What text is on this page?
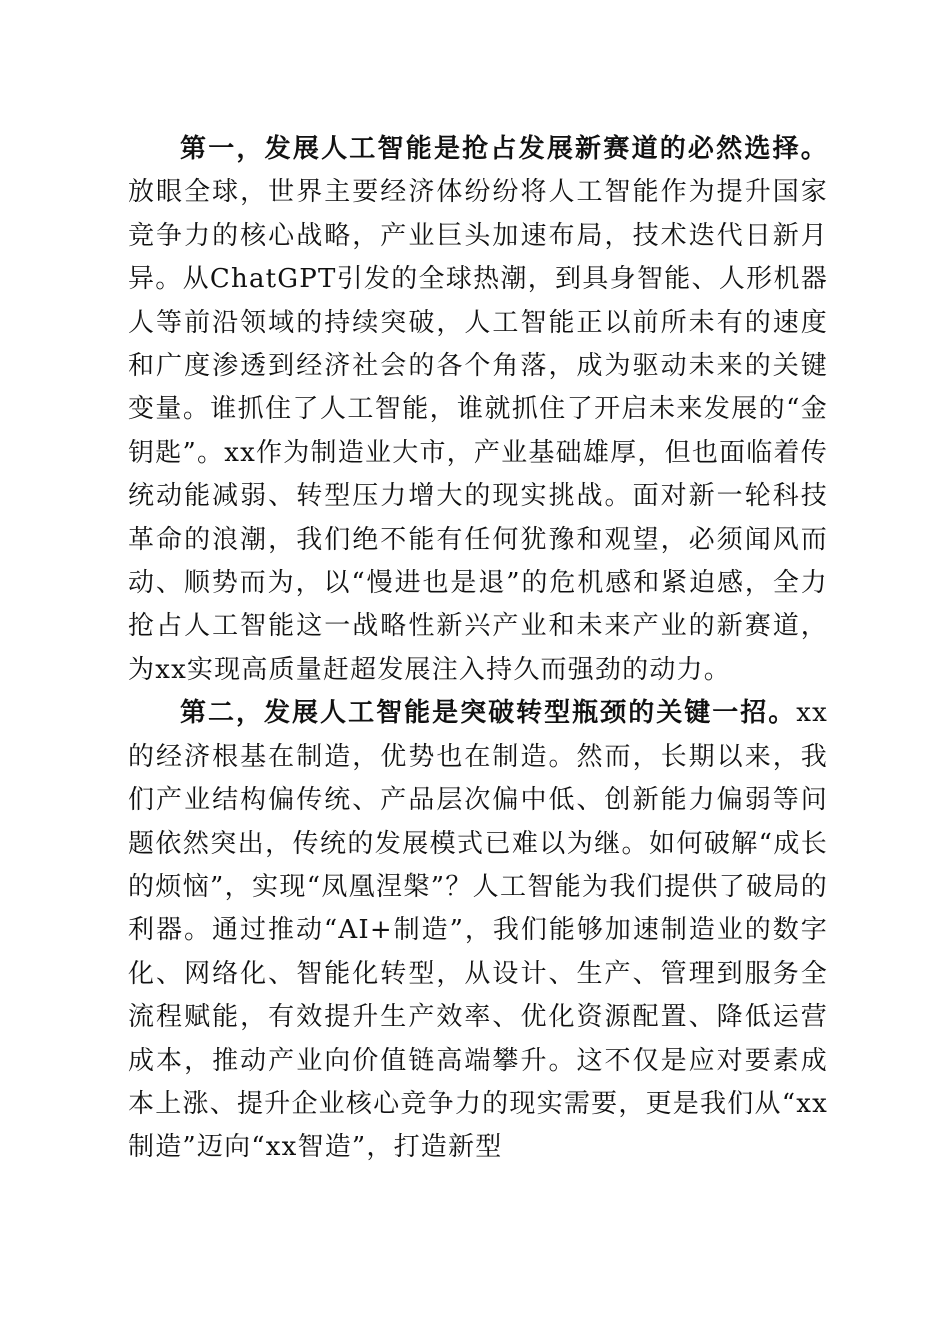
第一，发展人工智能是抢占发展新赛道的必然选择。放眼全球，世界主要经济体纷纷将人工智能作为提升国家竞争力的核心战略，产业巨头加速布局，技术迭代日新月异。从ChatGPT引发的全球热潮，到具身智能、人形机器人等前沿领域的持续突破，人工智能正以前所未有的速度和广度渗透到经济社会的各个角落，成为驱动未来的关键变量。谁抓住了人工智能，谁就抓住了开启未来发展的“金钥匙”。xx作为制造业大市，产业基础雄厚，但也面临着传统动能减弱、转型压力增大的现实挑战。面对新一轮科技革命的浪潮，我们绝不能有任何犹豫和观望，必须闻风而动、顺势而为，以“慢进也是退”的危机感和紧迫感，全力抢占人工智能这一战略性新兴产业和未来产业的新赛道，为xx实现高质量赶超发展注入持久而强劲的动力。

第二，发展人工智能是突破转型瓶颈的关键一招。xx的经济根基在制造，优势也在制造。然而，长期以来，我们产业结构偏传统、产品层次偏中低、创新能力偏弱等问题依然突出，传统的发展模式已难以为继。如何破解“成长的烦恼”，实现“凤凰涅槃”？人工智能为我们提供了破局的利器。通过推动“AI+制造”，我们能够加速制造业的数字化、网络化、智能化转型，从设计、生产、管理到服务全流程赋能，有效提升生产效率、优化资源配置、降低运营成本，推动产业向价值链高端攀升。这不仅是应对要素成本上涨、提升企业核心竞争力的现实需要，更是我们从“xx制造”迈向“xx智造”，打造新型
